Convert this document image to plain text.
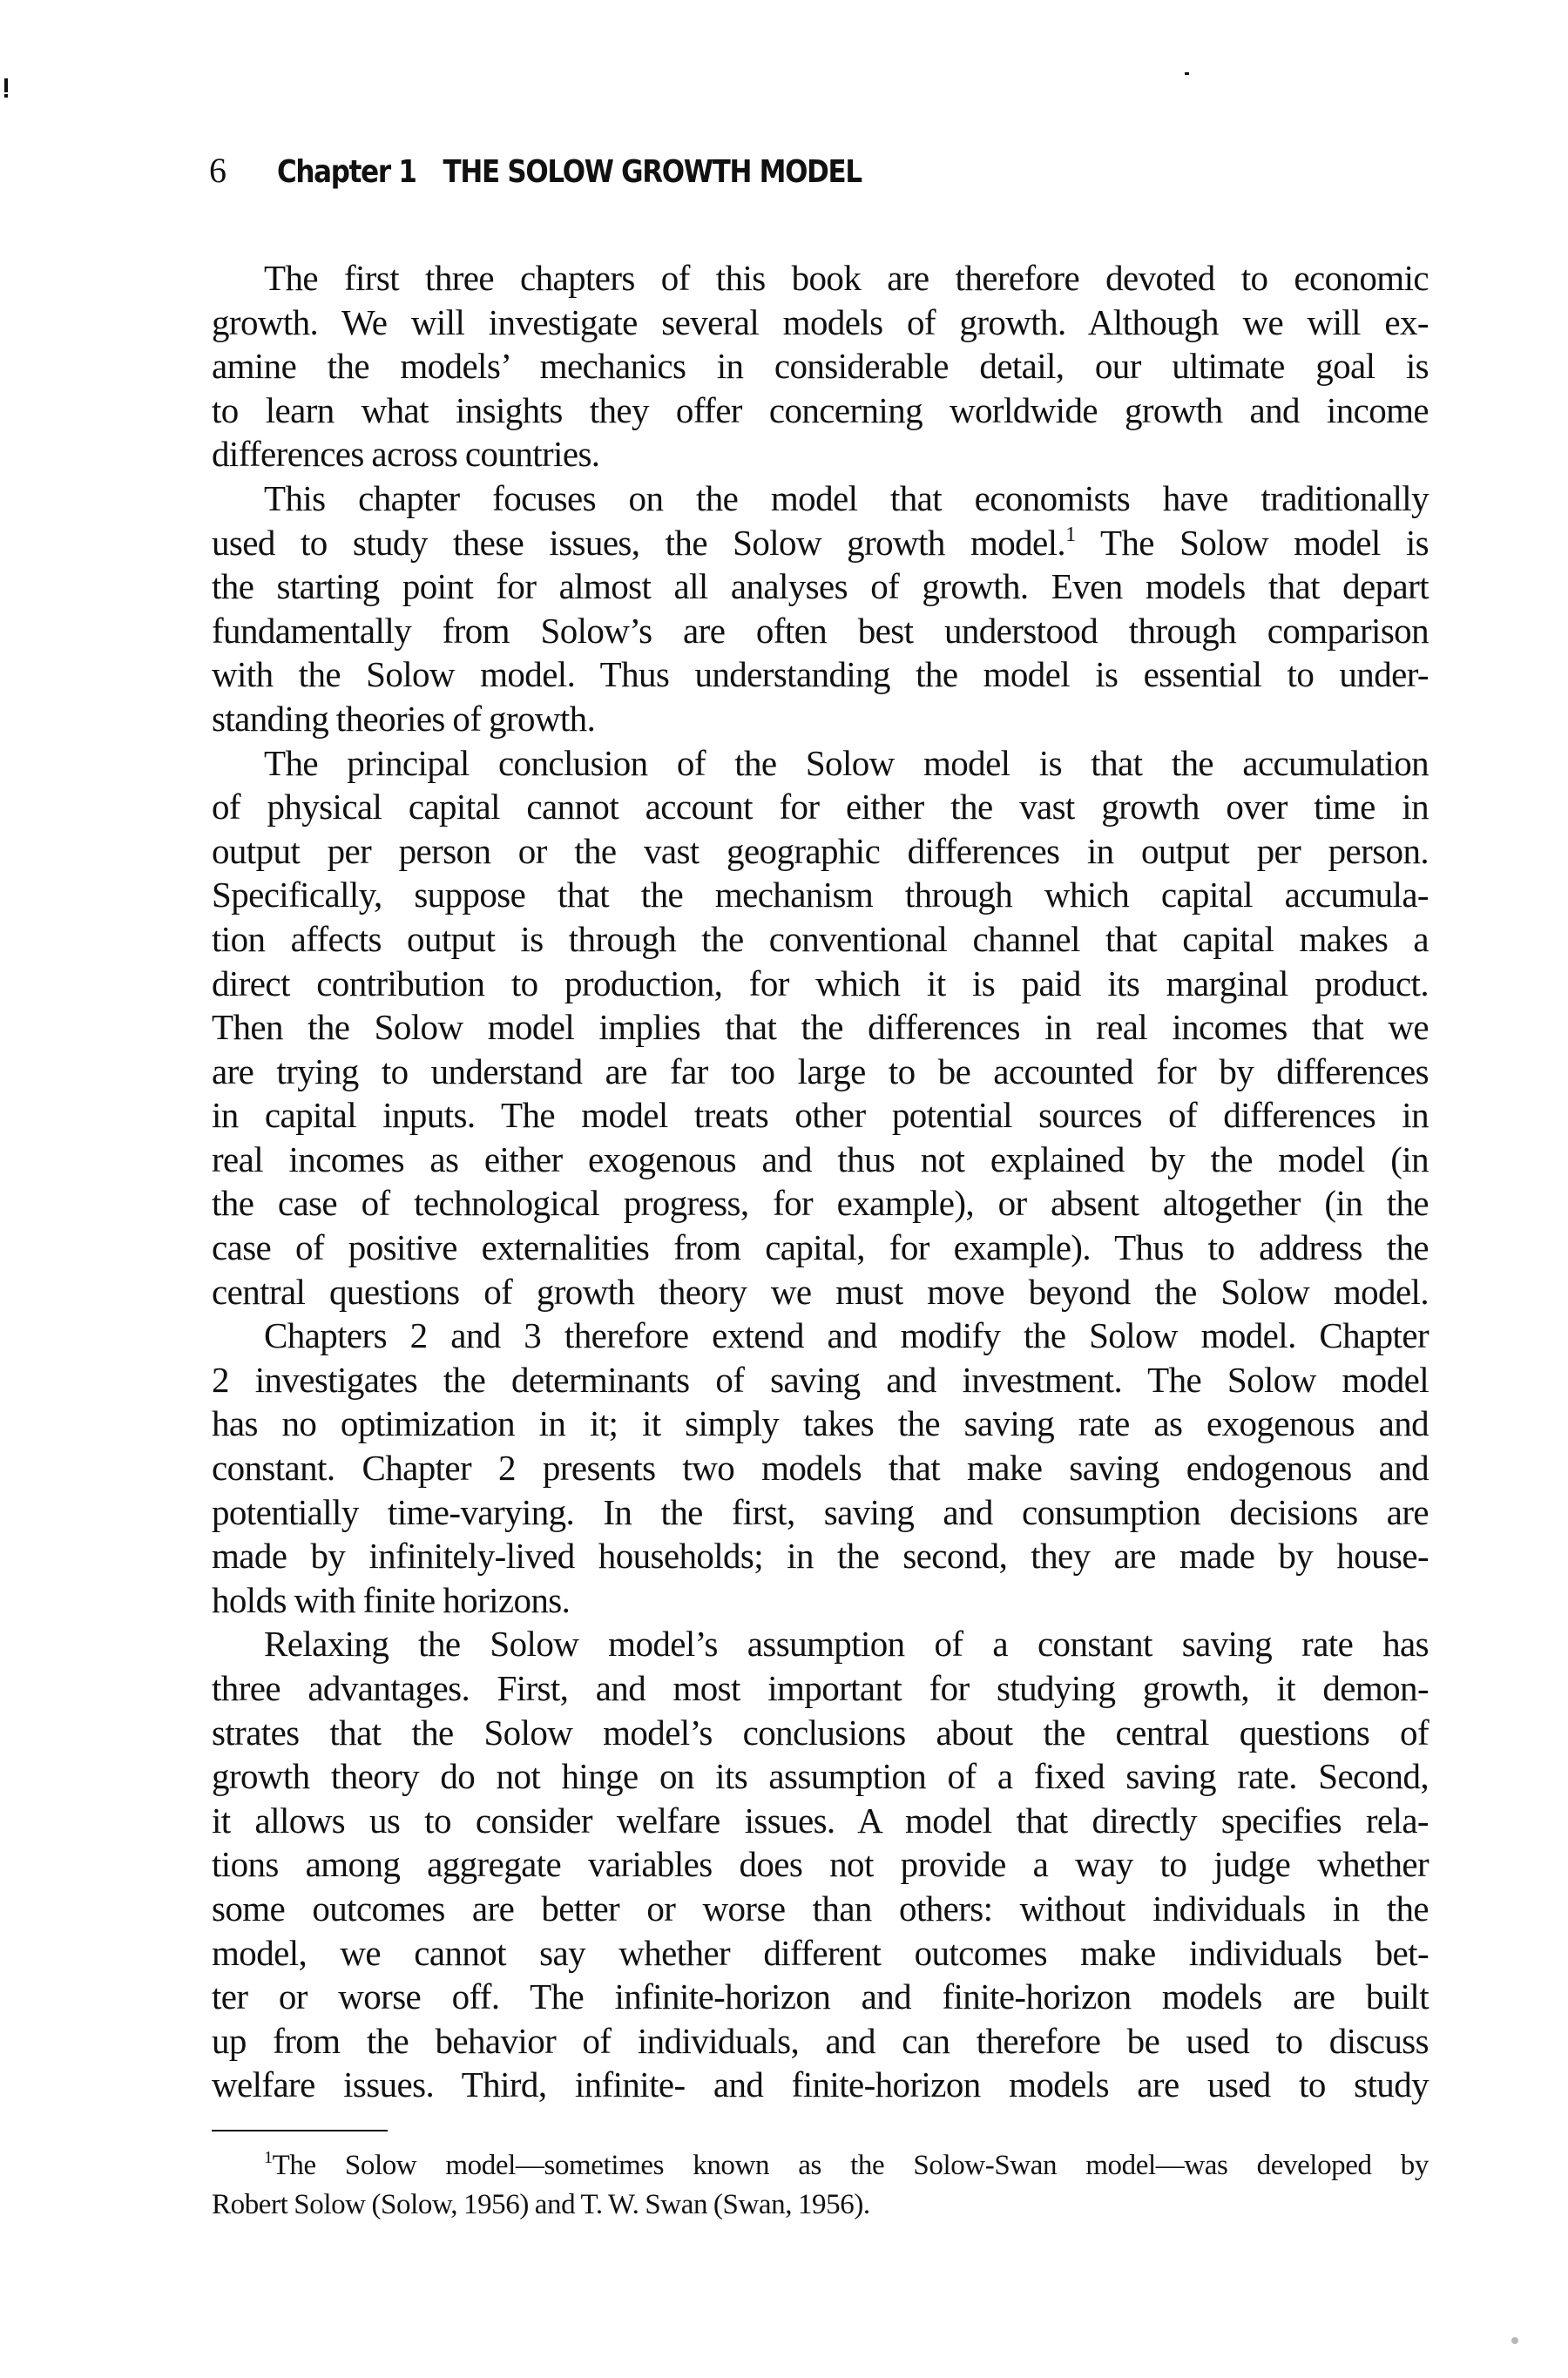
6 Chapter 1 THE SOLOW GROWTH MODEL
The first three chapters of this book are therefore devoted to economic
growth. We will investigate several models of growth. Although we will ex-
amine the models’ mechanics in considerable detail, our ultimate goal is
to learn what insights they offer concerning worldwide growth and income
differences across countries.
This chapter focuses on the model that economists have traditionally
used to study these issues, the Solow growth model.$^1$ The Solow model is
the starting point for almost all analyses of growth. Even models that depart
fundamentally from Solow’s are often best understood through comparison
with the Solow model. Thus understanding the model is essential to under-
standing theories of growth.
The principal conclusion of the Solow model is that the accumulation
of physical capital cannot account for either the vast growth over time in
output per person or the vast geographic differences in output per person.
Specifically, suppose that the mechanism through which capital accumula-
tion affects output is through the conventional channel that capital makes a
direct contribution to production, for which it is paid its marginal product.
Then the Solow model implies that the differences in real incomes that we
are trying to understand are far too large to be accounted for by differences
in capital inputs. The model treats other potential sources of differences in
real incomes as either exogenous and thus not explained by the model (in
the case of technological progress, for example), or absent altogether (in the
case of positive externalities from capital, for example). Thus to address the
central questions of growth theory we must move beyond the Solow model.
Chapters 2 and 3 therefore extend and modify the Solow model. Chapter
2 investigates the determinants of saving and investment. The Solow model
has no optimization in it; it simply takes the saving rate as exogenous and
constant. Chapter 2 presents two models that make saving endogenous and
potentially time-varying. In the first, saving and consumption decisions are
made by infinitely-lived households; in the second, they are made by house-
holds with finite horizons.
Relaxing the Solow model’s assumption of a constant saving rate has
three advantages. First, and most important for studying growth, it demon-
strates that the Solow model’s conclusions about the central questions of
growth theory do not hinge on its assumption of a fixed saving rate. Second,
it allows us to consider welfare issues. A model that directly specifies rela-
tions among aggregate variables does not provide a way to judge whether
some outcomes are better or worse than others: without individuals in the
model, we cannot say whether different outcomes make individuals bet-
ter or worse off. The infinite-horizon and finite-horizon models are built
up from the behavior of individuals, and can therefore be used to discuss
welfare issues. Third, infinite- and finite-horizon models are used to study
$^1$The Solow model—sometimes known as the Solow-Swan model—was developed by
Robert Solow (Solow, 1956) and T. W. Swan (Swan, 1956).
